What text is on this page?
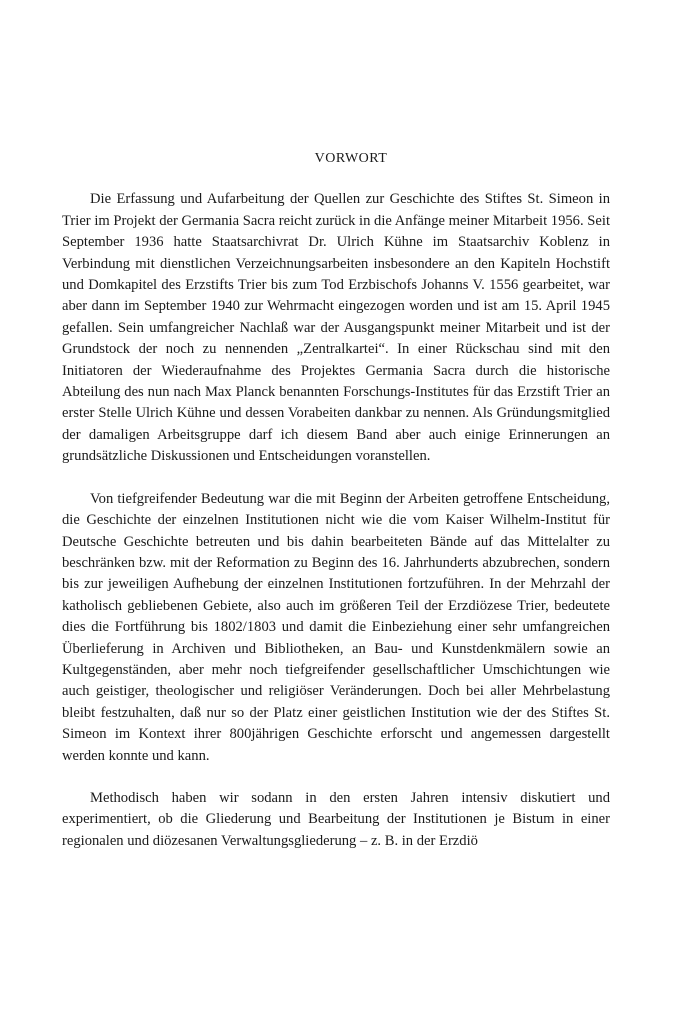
VORWORT

Die Erfassung und Aufarbeitung der Quellen zur Geschichte des Stiftes St. Simeon in Trier im Projekt der Germania Sacra reicht zurück in die Anfänge meiner Mitarbeit 1956. Seit September 1936 hatte Staatsarchivrat Dr. Ulrich Kühne im Staatsarchiv Koblenz in Verbindung mit dienstlichen Verzeichnungsarbeiten insbesondere an den Kapiteln Hochstift und Domkapitel des Erzstifts Trier bis zum Tod Erzbischofs Johanns V. 1556 gearbeitet, war aber dann im September 1940 zur Wehrmacht eingezogen worden und ist am 15. April 1945 gefallen. Sein umfangreicher Nachlaß war der Ausgangspunkt meiner Mitarbeit und ist der Grundstock der noch zu nennenden „Zentralkartei“. In einer Rückschau sind mit den Initiatoren der Wiederaufnahme des Projektes Germania Sacra durch die historische Abteilung des nun nach Max Planck benannten Forschungs-Institutes für das Erzstift Trier an erster Stelle Ulrich Kühne und dessen Vorabeiten dankbar zu nennen. Als Gründungsmitglied der damaligen Arbeitsgruppe darf ich diesem Band aber auch einige Erinnerungen an grundsätzliche Diskussionen und Entscheidungen voranstellen.

Von tiefgreifender Bedeutung war die mit Beginn der Arbeiten getroffene Entscheidung, die Geschichte der einzelnen Institutionen nicht wie die vom Kaiser Wilhelm-Institut für Deutsche Geschichte betreuten und bis dahin bearbeiteten Bände auf das Mittelalter zu beschränken bzw. mit der Reformation zu Beginn des 16. Jahrhunderts abzubrechen, sondern bis zur jeweiligen Aufhebung der einzelnen Institutionen fortzuführen. In der Mehrzahl der katholisch gebliebenen Gebiete, also auch im größeren Teil der Erzdiözese Trier, bedeutete dies die Fortführung bis 1802/1803 und damit die Einbeziehung einer sehr umfangreichen Überlieferung in Archiven und Bibliotheken, an Bau- und Kunstdenkmälern sowie an Kultgegenständen, aber mehr noch tiefgreifender gesellschaftlicher Umschichtungen wie auch geistiger, theologischer und religiöser Veränderungen. Doch bei aller Mehrbelastung bleibt festzuhalten, daß nur so der Platz einer geistlichen Institution wie der des Stiftes St. Simeon im Kontext ihrer 800jährigen Geschichte erforscht und angemessen dargestellt werden konnte und kann.

Methodisch haben wir sodann in den ersten Jahren intensiv diskutiert und experimentiert, ob die Gliederung und Bearbeitung der Institutionen je Bistum in einer regionalen und diözesanen Verwaltungsgliederung – z. B. in der Erzdiö
